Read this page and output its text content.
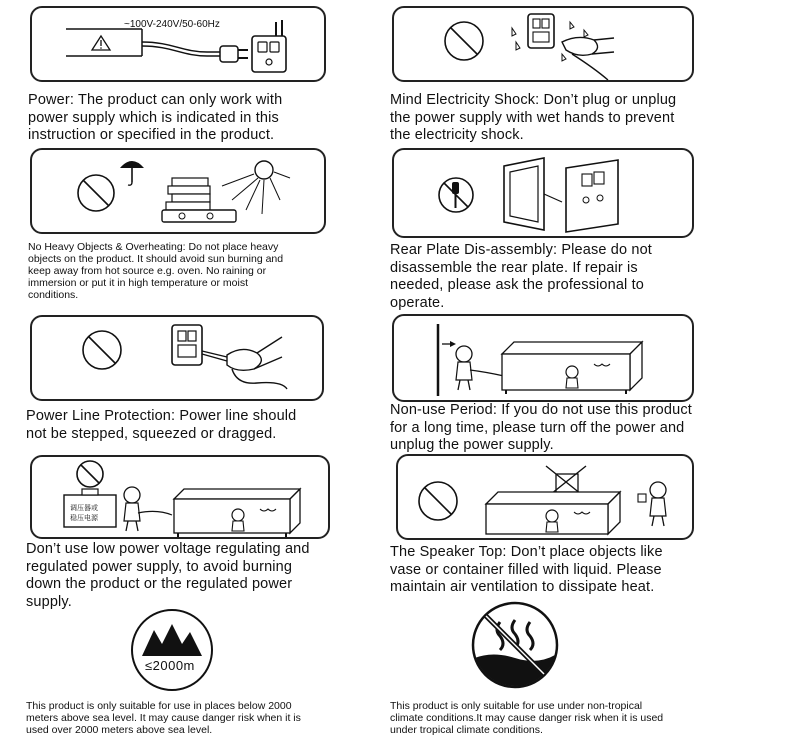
~100V-240V/50-60Hz

Power: The product can only work with
power supply which is indicated in this
instruction or specified in the product.

No Heavy Objects & Overheating: Do not place heavy
objects on the product. It should avoid sun burning and
keep away from hot source e.g. oven. No raining or
immersion or put it in high temperature or moist
conditions.

Power Line Protection: Power line should
not be stepped, squeezed or dragged.

调压器或
稳压电源

Don’t use low power voltage regulating and
regulated power supply, to avoid burning
down the product or the regulated power
supply.

≤2000m

This product is only suitable for use in places below 2000
meters above sea level. It may cause danger risk when it is
used over 2000 meters above sea level.

Mind Electricity Shock: Don’t plug or unplug
the power supply with wet hands to prevent
the electricity shock.

Rear Plate Dis-assembly: Please do not
disassemble the rear plate. If repair is
needed, please ask the professional to
operate.

Non-use Period: If you do not use this product
for a long time, please turn off the power and
unplug the power supply.

The Speaker Top: Don’t place objects like
vase or container filled with liquid. Please
maintain air ventilation to dissipate heat.

This product is only suitable for use under non-tropical
climate conditions.It may cause danger risk when it is used
under tropical climate conditions.
